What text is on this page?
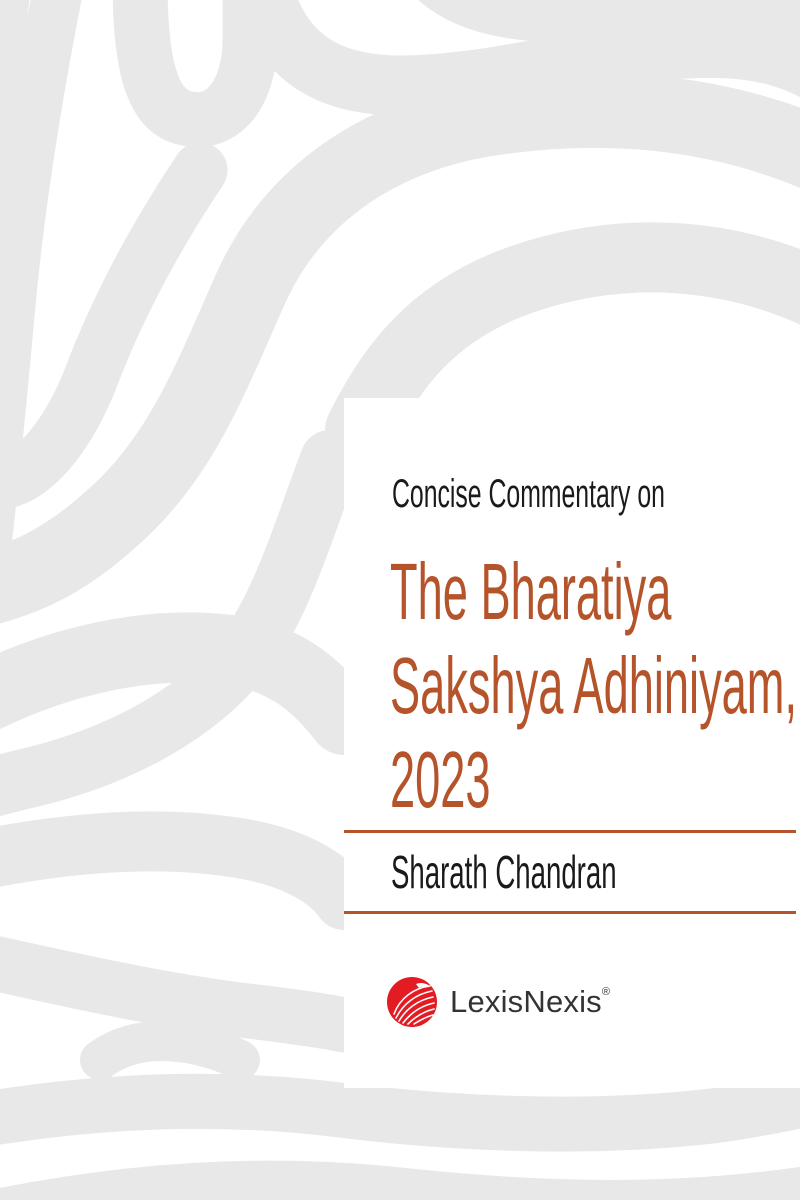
Concise Commentary on
The Bharatiya
Sakshya Adhiniyam,
2023
Sharath Chandran
LexisNexis®
